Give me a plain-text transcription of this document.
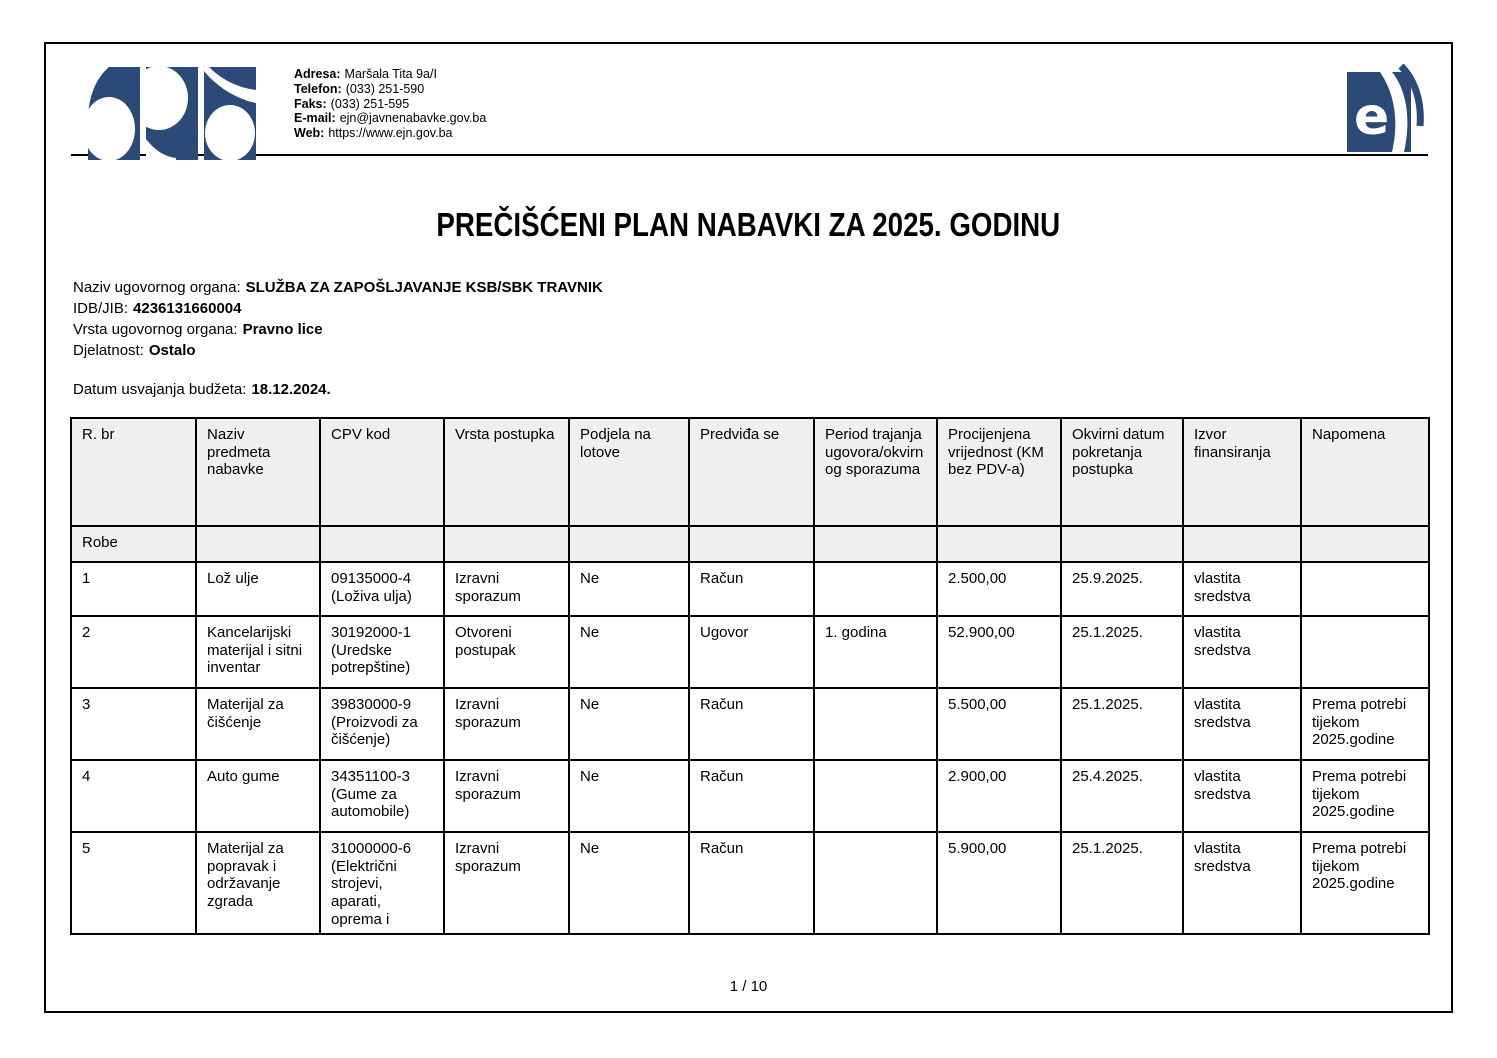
Adresa: Maršala Tita 9a/I
Telefon: (033) 251-590
Faks: (033) 251-595
E-mail: ejn@javnenabavke.gov.ba
Web: https://www.ejn.gov.ba	e
PREČIŠĆENI PLAN NABAVKI ZA 2025. GODINU
Naziv ugovornog organa: SLUŽBA ZA ZAPOŠLJAVANJE KSB/SBK TRAVNIK
IDB/JIB: 4236131660004
Vrsta ugovornog organa: Pravno lice
Djelatnost: Ostalo
Datum usvajanja budžeta: 18.12.2024.
R. br	Naziv predmeta nabavke	CPV kod	Vrsta postupka	Podjela na lotove	Predviđa se	Period trajanja ugovora/okvirnog sporazuma	Procijenjena vrijednost (KM bez PDV-a)	Okvirni datum pokretanja postupka	Izvor finansiranja	Napomena
Robe										
1	Lož ulje	09135000-4 (Loživa ulja)	Izravni sporazum	Ne	Račun		2.500,00	25.9.2025.	vlastita sredstva	
2	Kancelarijski materijal i sitni inventar	30192000-1 (Uredske potrepštine)	Otvoreni postupak	Ne	Ugovor	1. godina	52.900,00	25.1.2025.	vlastita sredstva	
3	Materijal za čišćenje	39830000-9 (Proizvodi za čišćenje)	Izravni sporazum	Ne	Račun		5.500,00	25.1.2025.	vlastita sredstva	Prema potrebi tijekom 2025.godine
4	Auto gume	34351100-3 (Gume za automobile)	Izravni sporazum	Ne	Račun		2.900,00	25.4.2025.	vlastita sredstva	Prema potrebi tijekom 2025.godine
5	Materijal za popravak i održavanje zgrada	31000000-6 (Električni strojevi, aparati, oprema i	Izravni sporazum	Ne	Račun		5.900,00	25.1.2025.	vlastita sredstva	Prema potrebi tijekom 2025.godine
1 / 10
